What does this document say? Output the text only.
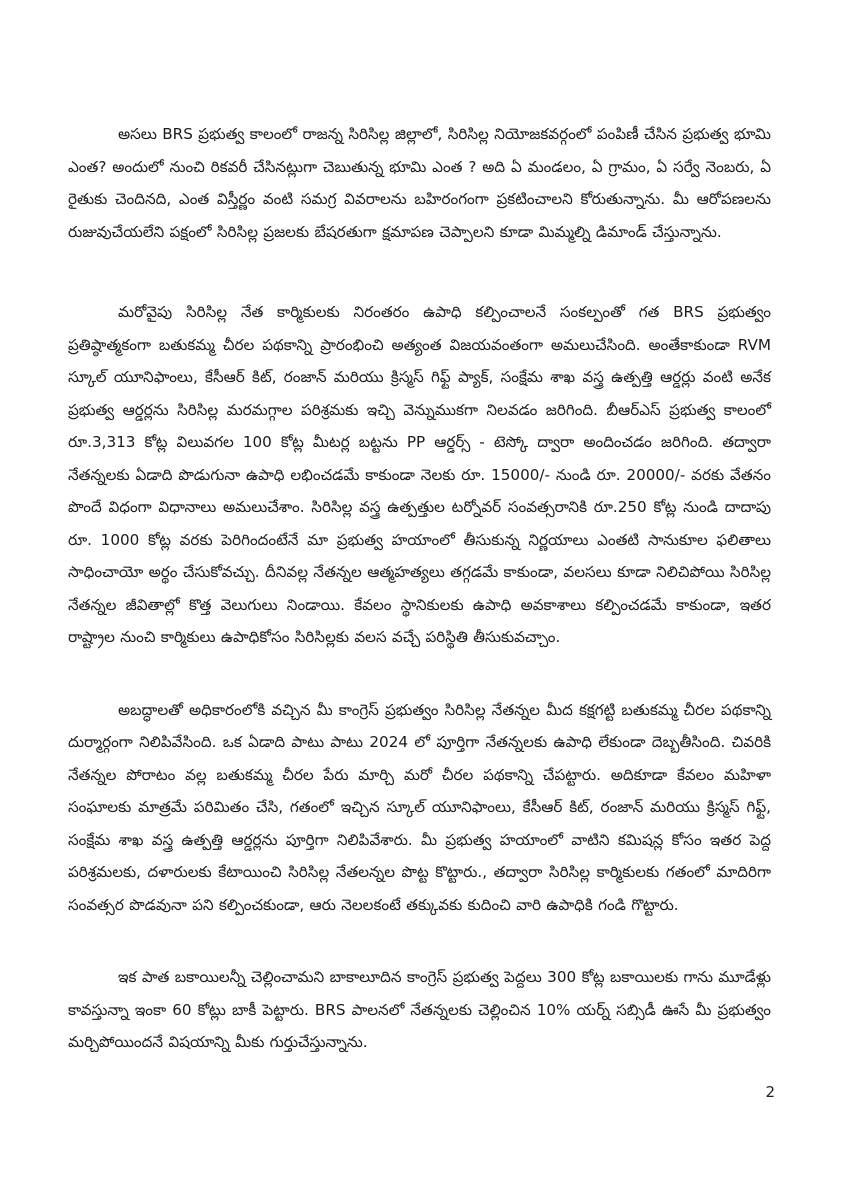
అసలు BRS ప్రభుత్వ కాలంలో రాజన్న సిరిసిల్ల జిల్లాలో, సిరిసిల్ల నియోజకవర్గంలో పంపిణీ చేసిన ప్రభుత్వ భూమి ఎంత? అందులో నుంచి రికవరీ చేసినట్లుగా చెబుతున్న భూమి ఎంత ? అది ఏ మండలం, ఏ గ్రామం, ఏ సర్వే నెంబరు, ఏ రైతుకు చెందినది, ఎంత విస్తీర్ణం వంటి సమగ్ర వివరాలను బహిరంగంగా ప్రకటించాలని కోరుతున్నాను. మీ ఆరోపణలను రుజువుచేయలేని పక్షంలో సిరిసిల్ల ప్రజలకు బేషరతుగా క్షమాపణ చెప్పాలని కూడా మిమ్మల్ని డిమాండ్ చేస్తున్నాను.

మరోవైపు సిరిసిల్ల నేత కార్మికులకు నిరంతరం ఉపాధి కల్పించాలనే సంకల్పంతో గత BRS ప్రభుత్వం ప్రతిష్ఠాత్మకంగా బతుకమ్మ చీరల పథకాన్ని ప్రారంభించి అత్యంత విజయవంతంగా అమలుచేసింది. అంతేకాకుండా RVM స్కూల్ యూనిఫాంలు, కేసీఆర్ కిట్, రంజాన్ మరియు క్రిస్మస్ గిఫ్ట్ ప్యాక్, సంక్షేమ శాఖ వస్త్ర ఉత్పత్తి ఆర్డర్లు వంటి అనేక ప్రభుత్వ ఆర్డర్లను సిరిసిల్ల మరమగ్గాల పరిశ్రమకు ఇచ్చి వెన్నుముకగా నిలవడం జరిగింది. బీఆర్ఎస్ ప్రభుత్వ కాలంలో రూ.3,313 కోట్ల విలువగల 100 కోట్ల మీటర్ల బట్టను PP ఆర్డర్స్ - టెస్కో ద్వారా అందించడం జరిగింది. తద్వారా నేతన్నలకు ఏడాది పొడుగునా ఉపాధి లభించడమే కాకుండా నెలకు రూ. 15000/- నుండి రూ. 20000/- వరకు వేతనం పొందే విధంగా విధానాలు అమలుచేశాం. సిరిసిల్ల వస్త్ర ఉత్పత్తుల టర్నోవర్ సంవత్సరానికి రూ.250 కోట్ల నుండి దాదాపు రూ. 1000 కోట్ల వరకు పెరిగిందంటేనే మా ప్రభుత్వ హయాంలో తీసుకున్న నిర్ణయాలు ఎంతటి సానుకూల ఫలితాలు సాధించాయో అర్థం చేసుకోవచ్చు. దీనివల్ల నేతన్నల ఆత్మహత్యలు తగ్గడమే కాకుండా, వలసలు కూడా నిలిచిపోయి సిరిసిల్ల నేతన్నల జీవితాల్లో కొత్త వెలుగులు నిండాయి. కేవలం స్థానికులకు ఉపాధి అవకాశాలు కల్పించడమే కాకుండా, ఇతర రాష్ట్రాల నుంచి కార్మికులు ఉపాధికోసం సిరిసిల్లకు వలస వచ్చే పరిస్థితి తీసుకువచ్చాం.

అబద్ధాలతో అధికారంలోకి వచ్చిన మీ కాంగ్రెస్ ప్రభుత్వం సిరిసిల్ల నేతన్నల మీద కక్షగట్టి బతుకమ్మ చీరల పథకాన్ని దుర్మార్గంగా నిలిపివేసింది. ఒక ఏడాది పాటు పాటు 2024 లో పూర్తిగా నేతన్నలకు ఉపాధి లేకుండా దెబ్బతీసింది. చివరికి నేతన్నల పోరాటం వల్ల బతుకమ్మ చీరల పేరు మార్చి మరో చీరల పథకాన్ని చేపట్టారు. అదికూడా కేవలం మహిళా సంఘాలకు మాత్రమే పరిమితం చేసి, గతంలో ఇచ్చిన స్కూల్ యూనిఫాంలు, కేసీఆర్ కిట్, రంజాన్ మరియు క్రిస్మస్ గిఫ్ట్, సంక్షేమ శాఖ వస్త్ర ఉత్పత్తి ఆర్డర్లను పూర్తిగా నిలిపివేశారు. మీ ప్రభుత్వ హయాంలో వాటిని కమిషన్ల కోసం ఇతర పెద్ద పరిశ్రమలకు, దళారులకు కేటాయించి సిరిసిల్ల నేతలన్నల పొట్ట కొట్టారు., తద్వారా సిరిసిల్ల కార్మికులకు గతంలో మాదిరిగా సంవత్సర పొడవునా పని కల్పించకుండా, ఆరు నెలలకంటే తక్కువకు కుదించి వారి ఉపాధికి గండి గొట్టారు.

ఇక పాత బకాయిలన్నీ చెల్లించామని బాకాలూదిన కాంగ్రెస్ ప్రభుత్వ పెద్దలు 300 కోట్ల బకాయిలకు గాను మూడేళ్లు కావస్తున్నా ఇంకా 60 కోట్లు బాకీ పెట్టారు. BRS పాలనలో నేతన్నలకు చెల్లించిన 10% యర్న్ సబ్సిడీ ఊసే మీ ప్రభుత్వం మర్చిపోయిందనే విషయాన్ని మీకు గుర్తుచేస్తున్నాను.

2
